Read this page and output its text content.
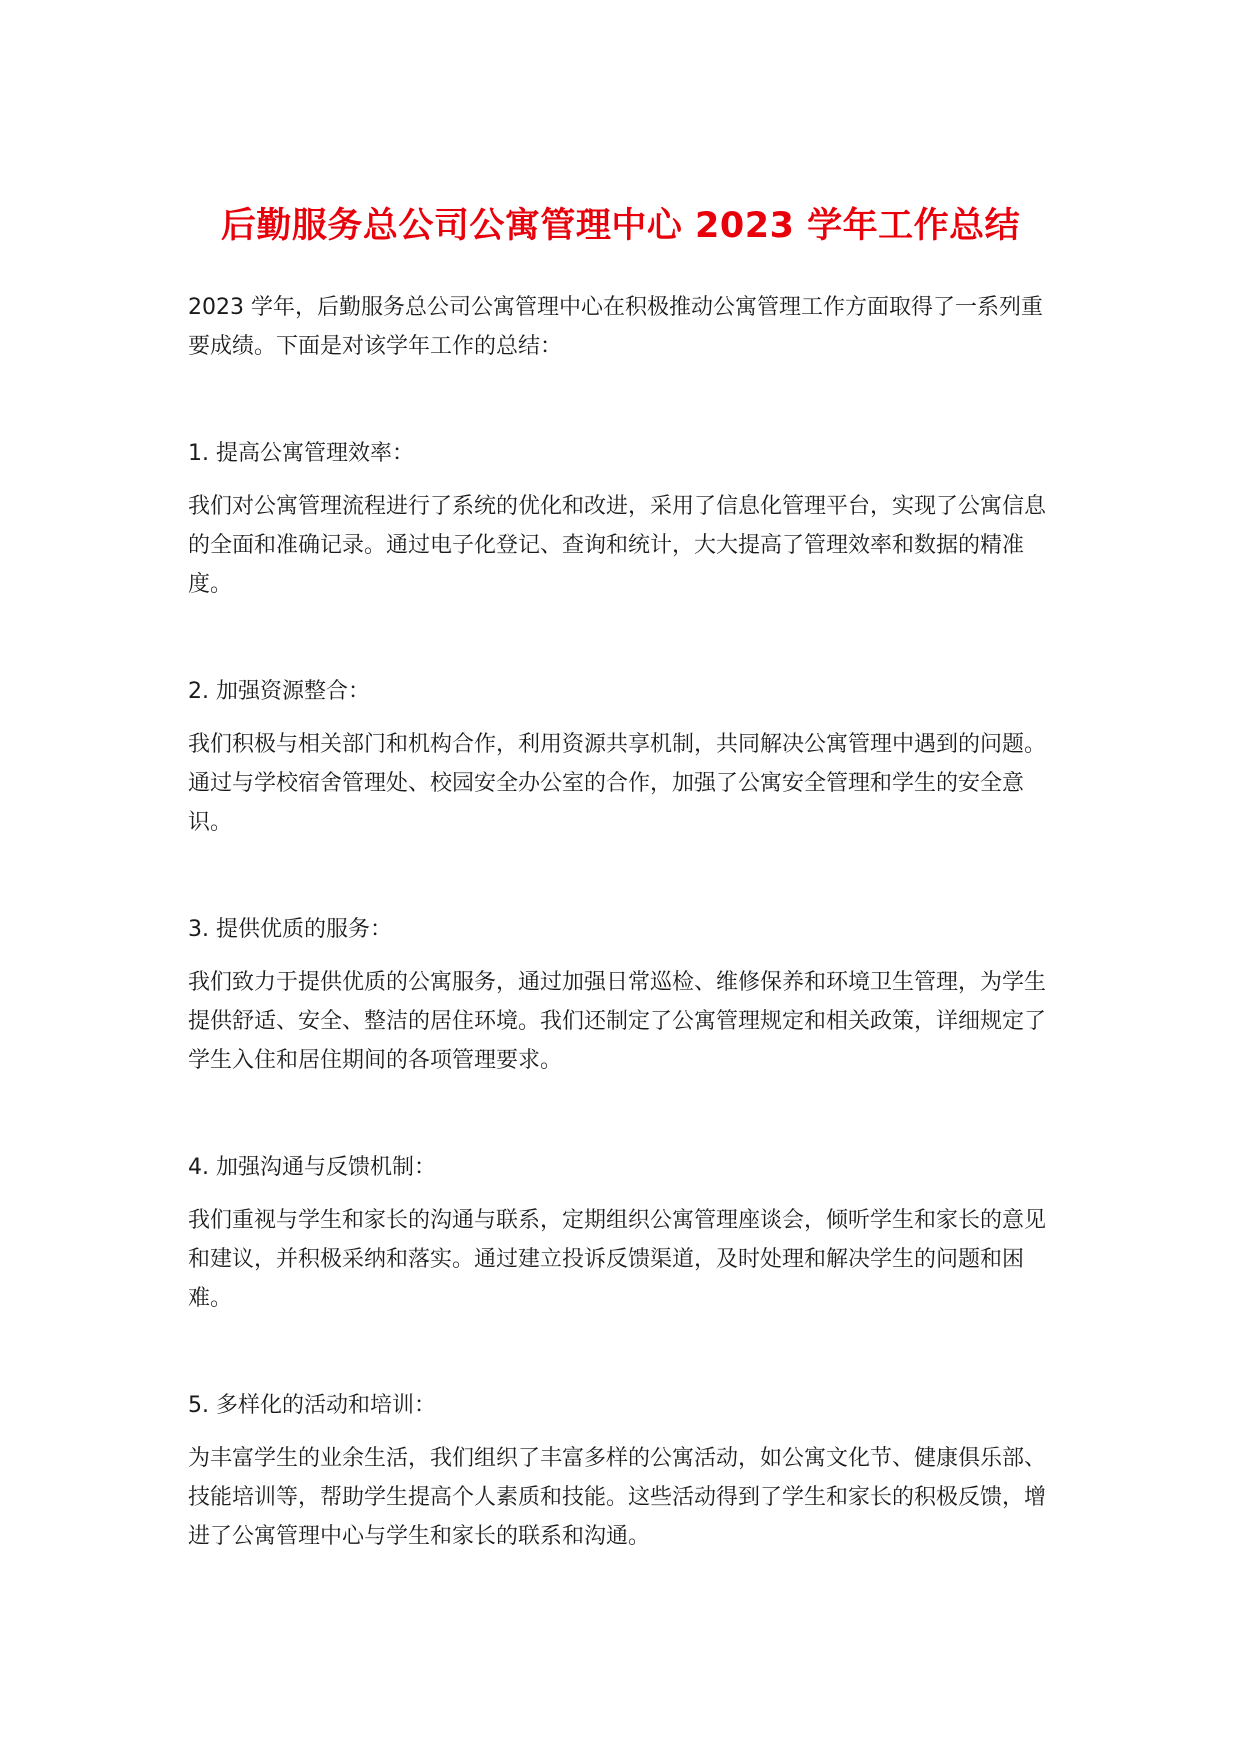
后勤服务总公司公寓管理中心 2023 学年工作总结

2023 学年，后勤服务总公司公寓管理中心在积极推动公寓管理工作方面取得了一系列重要成绩。下面是对该学年工作的总结：

1. 提高公寓管理效率：

我们对公寓管理流程进行了系统的优化和改进，采用了信息化管理平台，实现了公寓信息的全面和准确记录。通过电子化登记、查询和统计，大大提高了管理效率和数据的精准度。

2. 加强资源整合：

我们积极与相关部门和机构合作，利用资源共享机制，共同解决公寓管理中遇到的问题。通过与学校宿舍管理处、校园安全办公室的合作，加强了公寓安全管理和学生的安全意识。

3. 提供优质的服务：

我们致力于提供优质的公寓服务，通过加强日常巡检、维修保养和环境卫生管理，为学生提供舒适、安全、整洁的居住环境。我们还制定了公寓管理规定和相关政策，详细规定了学生入住和居住期间的各项管理要求。

4. 加强沟通与反馈机制：

我们重视与学生和家长的沟通与联系，定期组织公寓管理座谈会，倾听学生和家长的意见和建议，并积极采纳和落实。通过建立投诉反馈渠道，及时处理和解决学生的问题和困难。

5. 多样化的活动和培训：

为丰富学生的业余生活，我们组织了丰富多样的公寓活动，如公寓文化节、健康俱乐部、技能培训等，帮助学生提高个人素质和技能。这些活动得到了学生和家长的积极反馈，增进了公寓管理中心与学生和家长的联系和沟通。
